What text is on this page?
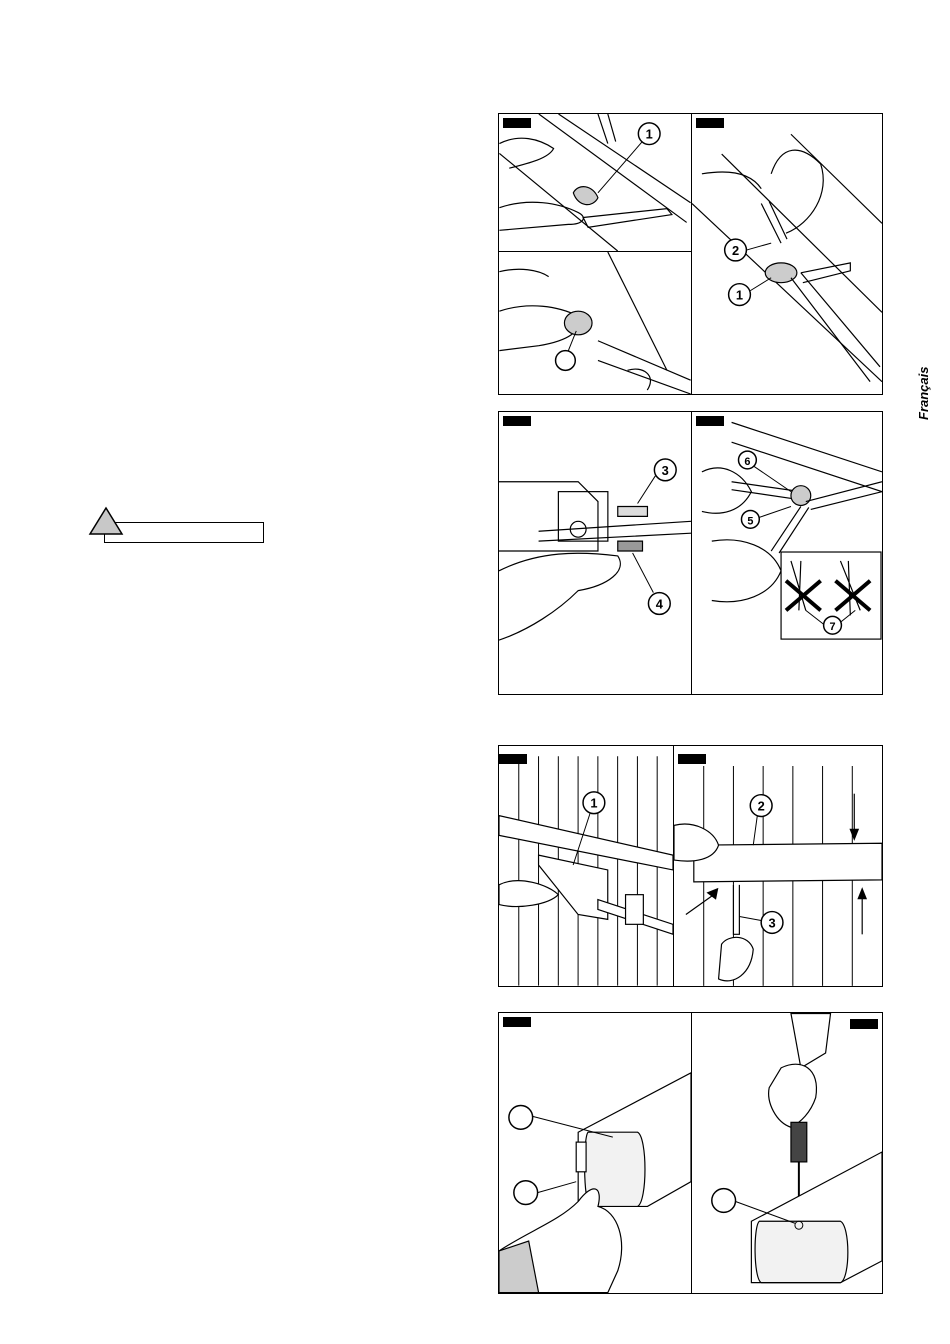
Français
1
2
1
3
4
6
5
7
1	2
3
